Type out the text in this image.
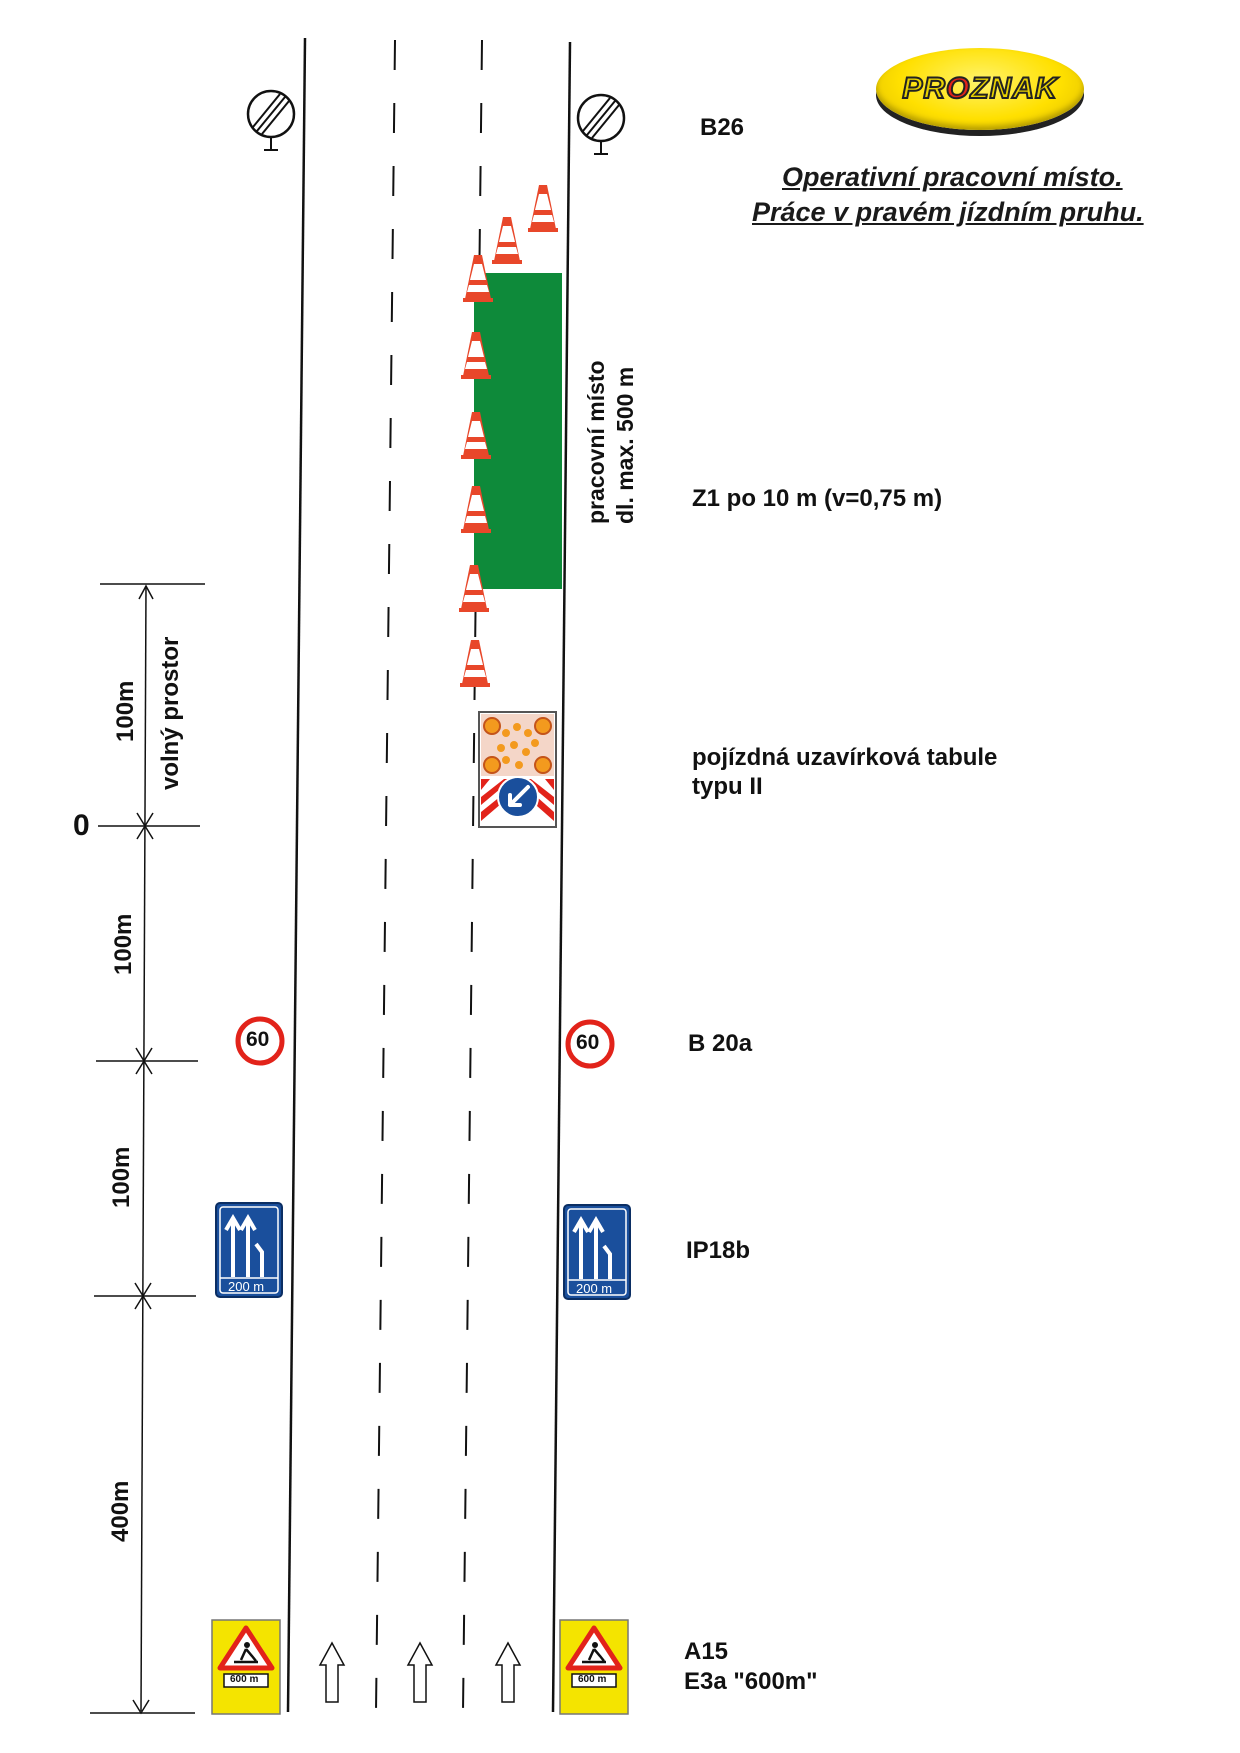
PROZNAK
Operativní pracovní místo.
Práce v pravém jízdním pruhu.
60	60
200 m	200 m
600 m	600 m
pracovní místo dl. max. 500 m
0
100m volný prostor
100m
100m
400m
B26
Z1 po 10 m (v=0,75 m)
pojízdná uzavírková tabule
typu II
B 20a
IP18b
A15
E3a "600m"
